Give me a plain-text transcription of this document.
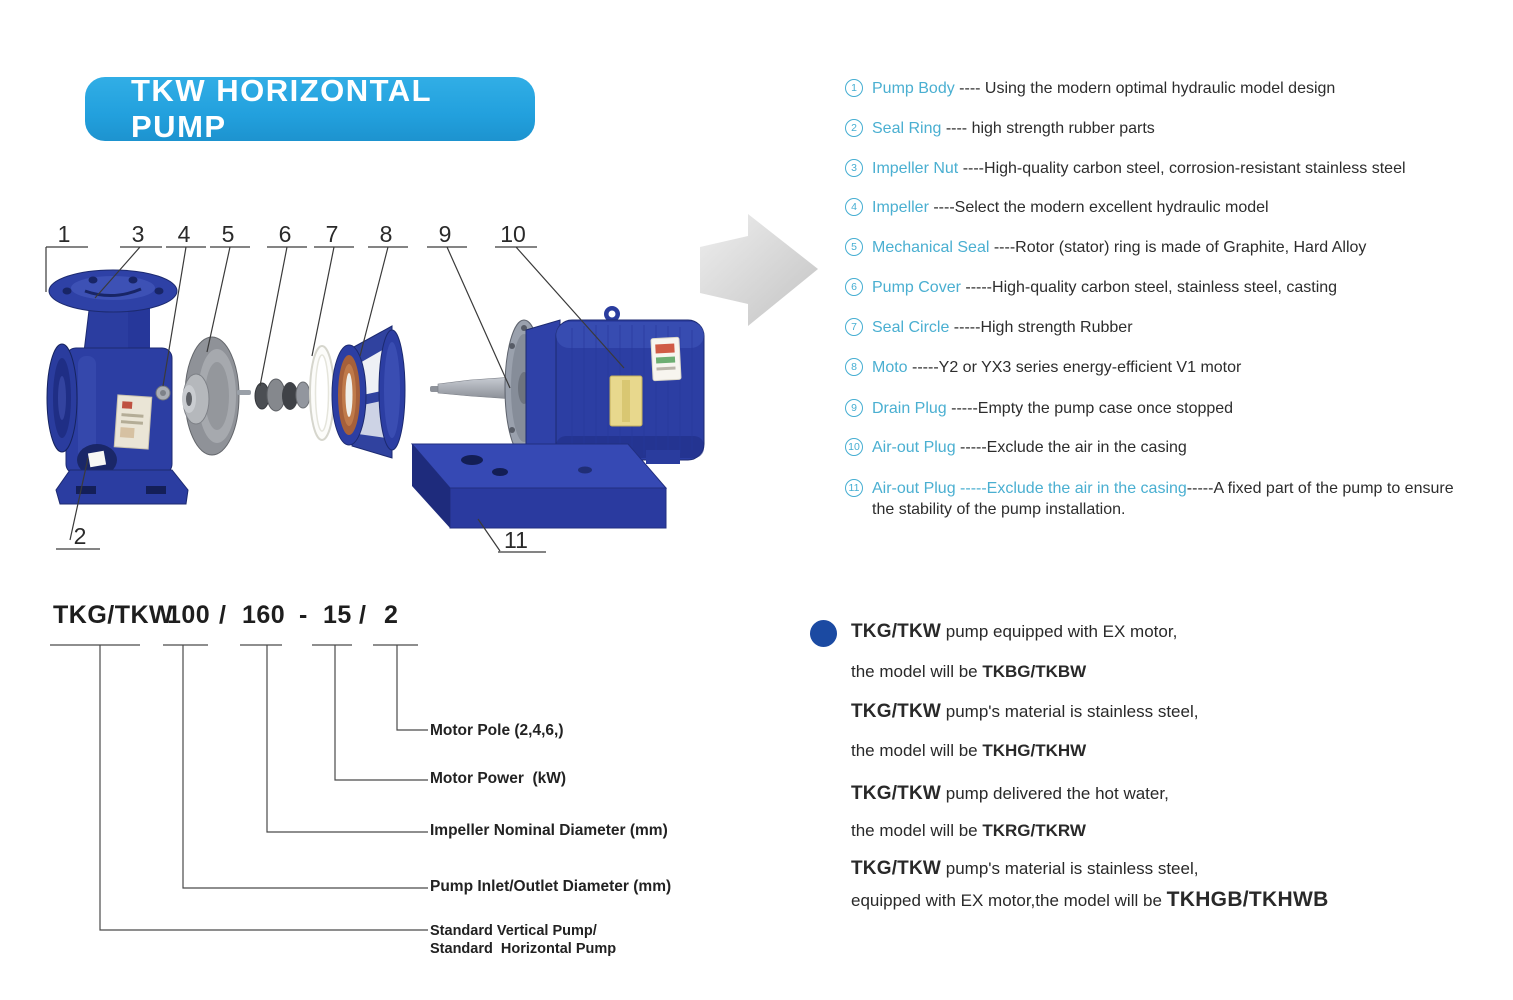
TKW HORIZONTAL PUMP
1	3 4 5 6 7 8 9 10
2	11
1 Pump Body ---- Using the modern optimal hydraulic model design
2 Seal Ring ---- high strength rubber parts
3 Impeller Nut ----High-quality carbon steel, corrosion-resistant stainless steel
4 Impeller ----Select the modern excellent hydraulic model
5 Mechanical Seal ----Rotor (stator) ring is made of Graphite, Hard Alloy
6 Pump Cover -----High-quality carbon steel, stainless steel, casting
7 Seal Circle -----High strength Rubber
8 Moto -----Y2 or YX3 series energy-efficient V1 motor
9 Drain Plug -----Empty the pump case once stopped
10 Air-out Plug -----Exclude the air in the casing
11 Air-out Plug -----Exclude the air in the casing-----A fixed part of the pump to ensure the stability of the pump installation.
TKG/TKW
100 / 160 - 15 / 2
Motor Pole (2,4,6,)
Motor Power  (kW)
Impeller Nominal Diameter (mm)
Pump Inlet/Outlet Diameter (mm)
Standard Vertical Pump/
Standard  Horizontal Pump
TKG/TKW pump equipped with EX motor,
the model will be TKBG/TKBW
TKG/TKW pump's material is stainless steel,
the model will be TKHG/TKHW
TKG/TKW pump delivered the hot water,
the model will be TKRG/TKRW
TKG/TKW pump's material is stainless steel,
equipped with EX motor,the model will be TKHGB/TKHWB
